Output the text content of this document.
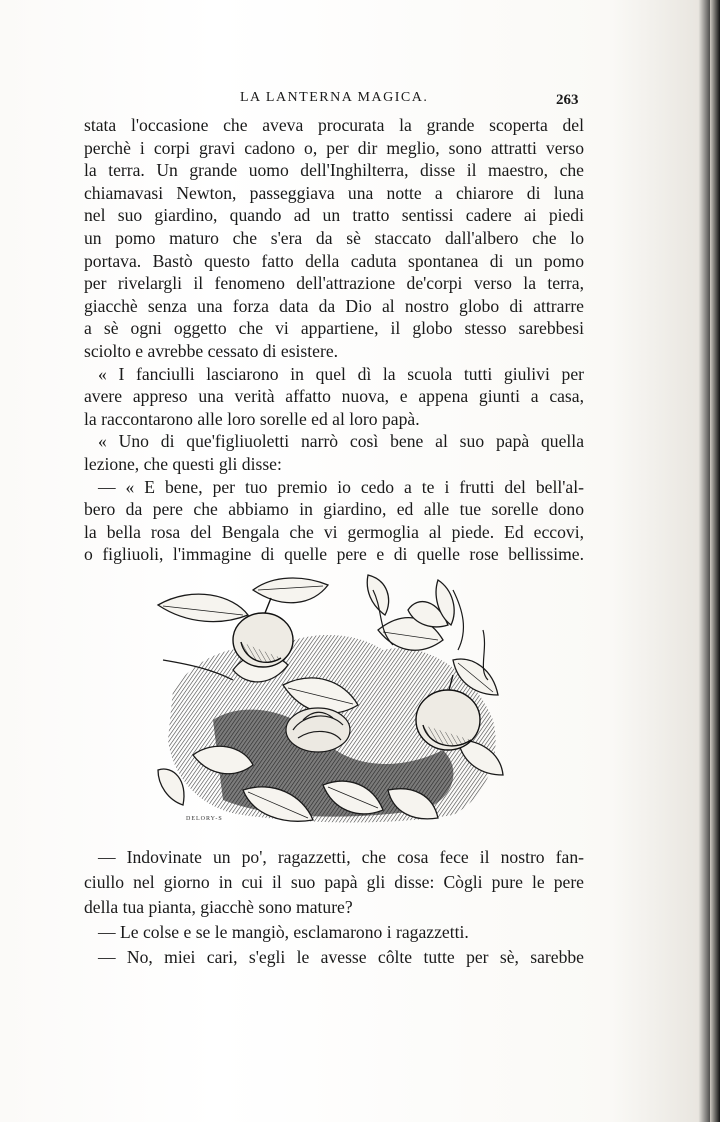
LA LANTERNA MAGICA.	263
stata l'occasione che aveva procurata la grande scoperta del
perchè i corpi gravi cadono o, per dir meglio, sono attratti verso
la terra. Un grande uomo dell'Inghilterra, disse il maestro, che
chiamavasi Newton, passeggiava una notte a chiarore di luna
nel suo giardino, quando ad un tratto sentissi cadere ai piedi
un pomo maturo che s'era da sè staccato dall'albero che lo
portava. Bastò questo fatto della caduta spontanea di un pomo
per rivelargli il fenomeno dell'attrazione de'corpi verso la terra,
giacchè senza una forza data da Dio al nostro globo di attrarre
a sè ogni oggetto che vi appartiene, il globo stesso sarebbesi
sciolto e avrebbe cessato di esistere.
« I fanciulli lasciarono in quel dì la scuola tutti giulivi per
avere appreso una verità affatto nuova, e appena giunti a casa,
la raccontarono alle loro sorelle ed al loro papà.
« Uno di que'figliuoletti narrò così bene al suo papà quella
lezione, che questi gli disse:
— « E bene, per tuo premio io cedo a te i frutti del bell'al-
bero da pere che abbiamo in giardino, ed alle tue sorelle dono
la bella rosa del Bengala che vi germoglia al piede. Ed eccovi,
o figliuoli, l'immagine di quelle pere e di quelle rose bellissime.
DELORY-S
— Indovinate un po', ragazzetti, che cosa fece il nostro fan-
ciullo nel giorno in cui il suo papà gli disse: Cògli pure le pere
della tua pianta, giacchè sono mature?
— Le colse e se le mangiò, esclamarono i ragazzetti.
— No, miei cari, s'egli le avesse côlte tutte per sè, sarebbe
